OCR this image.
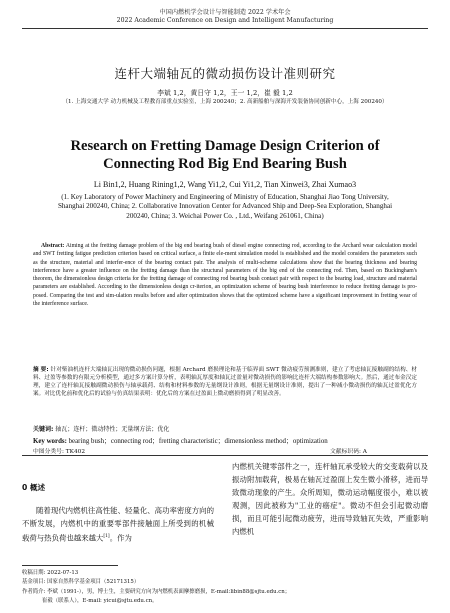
中国内燃机学会设计与智能制造 2022 学术年会
2022 Academic Conference on Design and Intelligent Manufacturing
连杆大端轴瓦的微动损伤设计准则研究
李斌 1,2，黄日守 1,2，王一 1,2，崔 毅 1,2
（1. 上海交通大学 动力机械及工程教育部重点实验室，上海 200240；2. 高新船舶与深海开发装备协同创新中心，上海 200240）
Research on Fretting Damage Design Criterion of
Connecting Rod Big End Bearing Bush
Li Bin1,2, Huang Rining1,2, Wang Yi1,2, Cui Yi1,2, Tian Xinwei3, Zhai Xumao3
(1. Key Laboratory of Power Machinery and Engineering of Ministry of Education, Shanghai Jiao Tong University, Shanghai 200240, China; 2. Collaborative Innovation Center for Advanced Ship and Deep-Sea Exploration, Shanghai 200240, China; 3. Weichai Power Co. , Ltd., Weifang 261061, China)
Abstract: Aiming at the fretting damage problem of the big end bearing bush of diesel engine connecting rod, according to the Archard wear calculation model and SWT fretting fatigue prediction criterion based on critical surface, a finite ele-ment simulation model is established and the model considers the parameters such as the structure, material and interfer-ence of the bearing contact pair. The analysis of multi-scheme calculations show that the bearing thickness and bearing interference have a greater influence on the fretting damage than the structural parameters of the big end of the connecting rod. Then, based on Buckingham's theorem, the dimensionless design criteria for the fretting damage of connecting rod bearing bush contact pair with respect to the bearing load, structure and material parameters are established. According to the dimensionless design cr-iterion, an optimization scheme of bearing bush interference to reduce fretting damage is pro-posed. Comparing the test and sim-ulation results before and after optimization shows that the optimized scheme have a significant improvement in fretting wear of the interference surface.
摘 要: 针对柴油机连杆大端轴瓦出现的微动损伤问题，根据 Archard 磨损理论和基于临界面 SWT 微动疲劳预测准则，建立了考虑轴瓦接触副的结构、材料、过盈等参数的有限元分析模型，通过多方案计算分析，表明轴瓦厚度和轴瓦过盈量对微动损伤的影响比连杆大端结构参数影响大。然后，通过布金汉定理，建立了连杆轴瓦接触副微动损伤与轴承载荷、结构和材料参数的无量纲设计准则，根据无量纲设计准则，提出了一种减小微动损伤的轴瓦过盈优化方案。对比优化前和优化后的试验与仿真结果表明：优化后的方案在过盈面上微动磨损得到了明显改善。
关键词: 轴瓦；连杆；微动特性；无量纲方法；优化
Key words: bearing bush；connecting rod；fretting characteristic；dimensionless method；optimization
中图分类号: TK402	文献标识码: A
0 概述
随着现代内燃机往高性能、轻量化、高功率密度方向的不断发展，内燃机中的重要零部件接触面上所受到的机械载荷与热负荷也越来越大[1]。作为
内燃机关键零部件之一，连杆轴瓦承受较大的交变载荷以及振动附加载荷，极易在轴瓦过盈面上发生微小滑移，进而导致微动现象的产生。众所周知，微动运动幅度很小，难以被观测，因此被称为"工业的癌症"。微动不但会引起微动磨损，而且可能引起微动疲劳，进而导致轴瓦失效，严重影响内燃机
收稿日期: 2022-07-13
基金项目: 国家自然科学基金项目（52171315）
作者简介: 李斌（1991-），男，博士生，主要研究方向为内燃机表面摩擦磨损，E-mail:libin88@sjtu.edu.cn；
崔毅（联系人），E-mail: yicui@sjtu.edu.cn。
